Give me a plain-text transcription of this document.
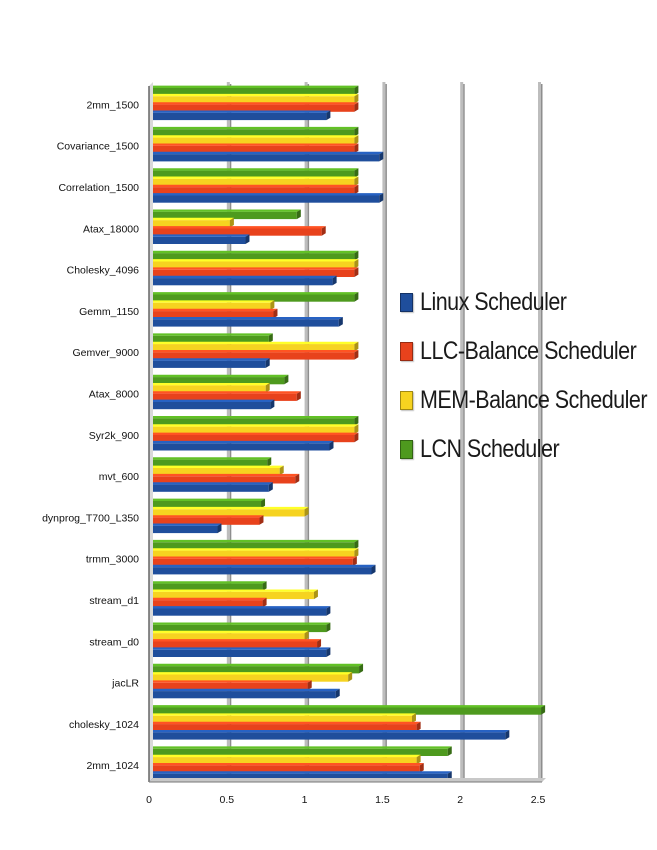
2mm_1500
Covariance_1500
Correlation_1500
Atax_18000
Cholesky_4096
Gemm_1150
Gemver_9000
Atax_8000
Syr2k_900
mvt_600
dynprog_T700_L350
trmm_3000
stream_d1
stream_d0
jacLR
cholesky_1024
2mm_1024
0	0.5	1	1.5	2	2.5
Linux Scheduler
LLC-Balance Scheduler
MEM-Balance Scheduler
LCN Scheduler
